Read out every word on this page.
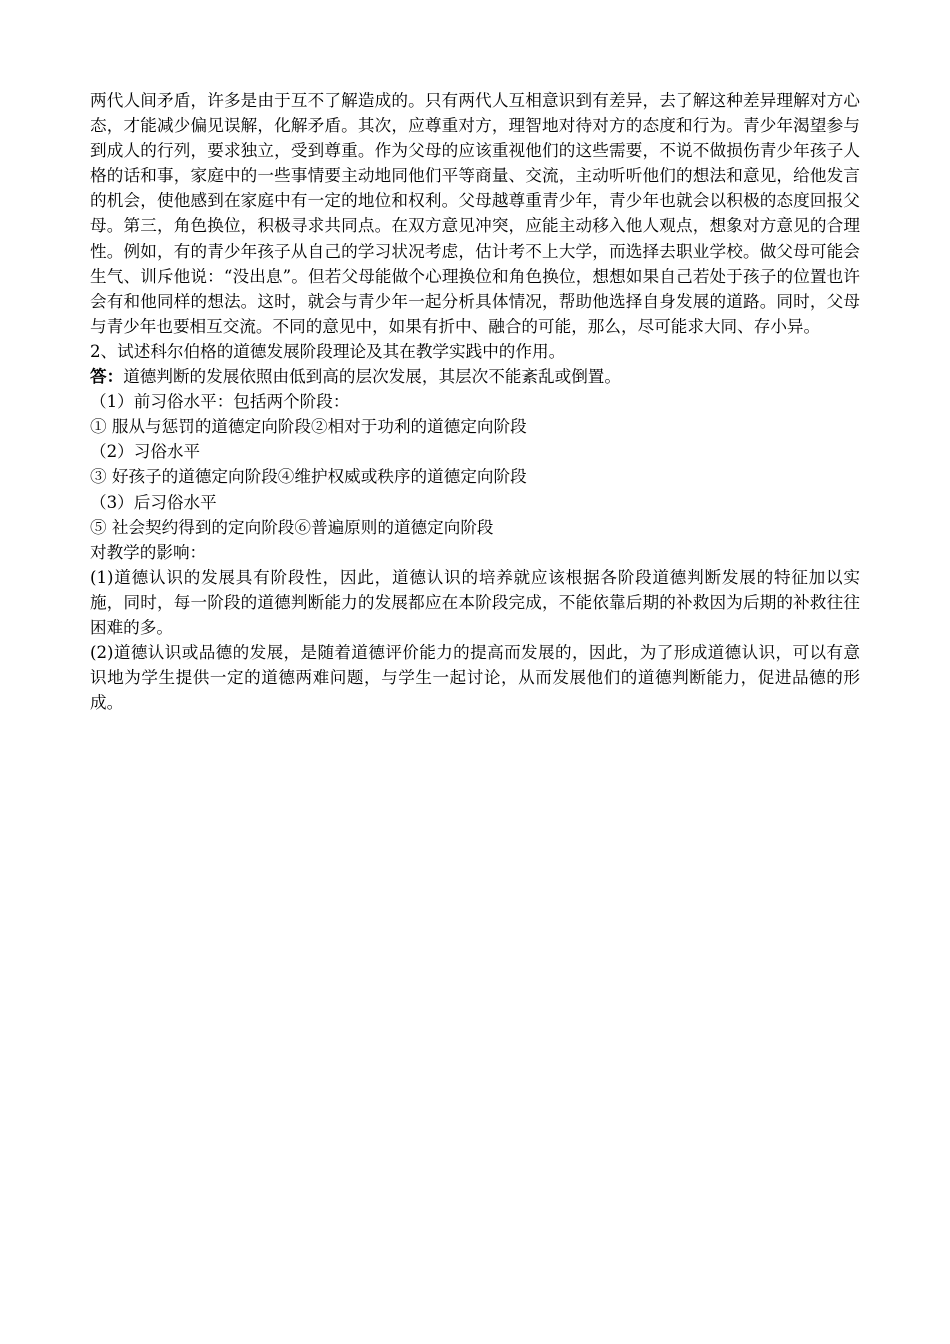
两代人间矛盾，许多是由于互不了解造成的。只有两代人互相意识到有差异，去了解这种差异理解对方心态，才能减少偏见误解，化解矛盾。其次，应尊重对方，理智地对待对方的态度和行为。青少年渴望参与到成人的行列，要求独立，受到尊重。作为父母的应该重视他们的这些需要，不说不做损伤青少年孩子人格的话和事，家庭中的一些事情要主动地同他们平等商量、交流，主动听听他们的想法和意见，给他发言的机会，使他感到在家庭中有一定的地位和权利。父母越尊重青少年，青少年也就会以积极的态度回报父母。第三，角色换位，积极寻求共同点。在双方意见冲突，应能主动移入他人观点，想象对方意见的合理性。例如，有的青少年孩子从自己的学习状况考虑，估计考不上大学，而选择去职业学校。做父母可能会生气、训斥他说：“没出息”。但若父母能做个心理换位和角色换位，想想如果自己若处于孩子的位置也许会有和他同样的想法。这时，就会与青少年一起分析具体情况，帮助他选择自身发展的道路。同时，父母与青少年也要相互交流。不同的意见中，如果有折中、融合的可能，那么，尽可能求大同、存小异。

2、试述科尔伯格的道德发展阶段理论及其在教学实践中的作用。

答：道德判断的发展依照由低到高的层次发展，其层次不能紊乱或倒置。

（1）前习俗水平：包括两个阶段：

① 服从与惩罚的道德定向阶段②相对于功利的道德定向阶段

（2）习俗水平

③ 好孩子的道德定向阶段④维护权威或秩序的道德定向阶段

（3）后习俗水平

⑤ 社会契约得到的定向阶段⑥普遍原则的道德定向阶段

对教学的影响：

(1)道德认识的发展具有阶段性，因此，道德认识的培养就应该根据各阶段道德判断发展的特征加以实施，同时，每一阶段的道德判断能力的发展都应在本阶段完成，不能依靠后期的补救因为后期的补救往往困难的多。

(2)道德认识或品德的发展，是随着道德评价能力的提高而发展的，因此，为了形成道德认识，可以有意识地为学生提供一定的道德两难问题，与学生一起讨论，从而发展他们的道德判断能力，促进品德的形成。
